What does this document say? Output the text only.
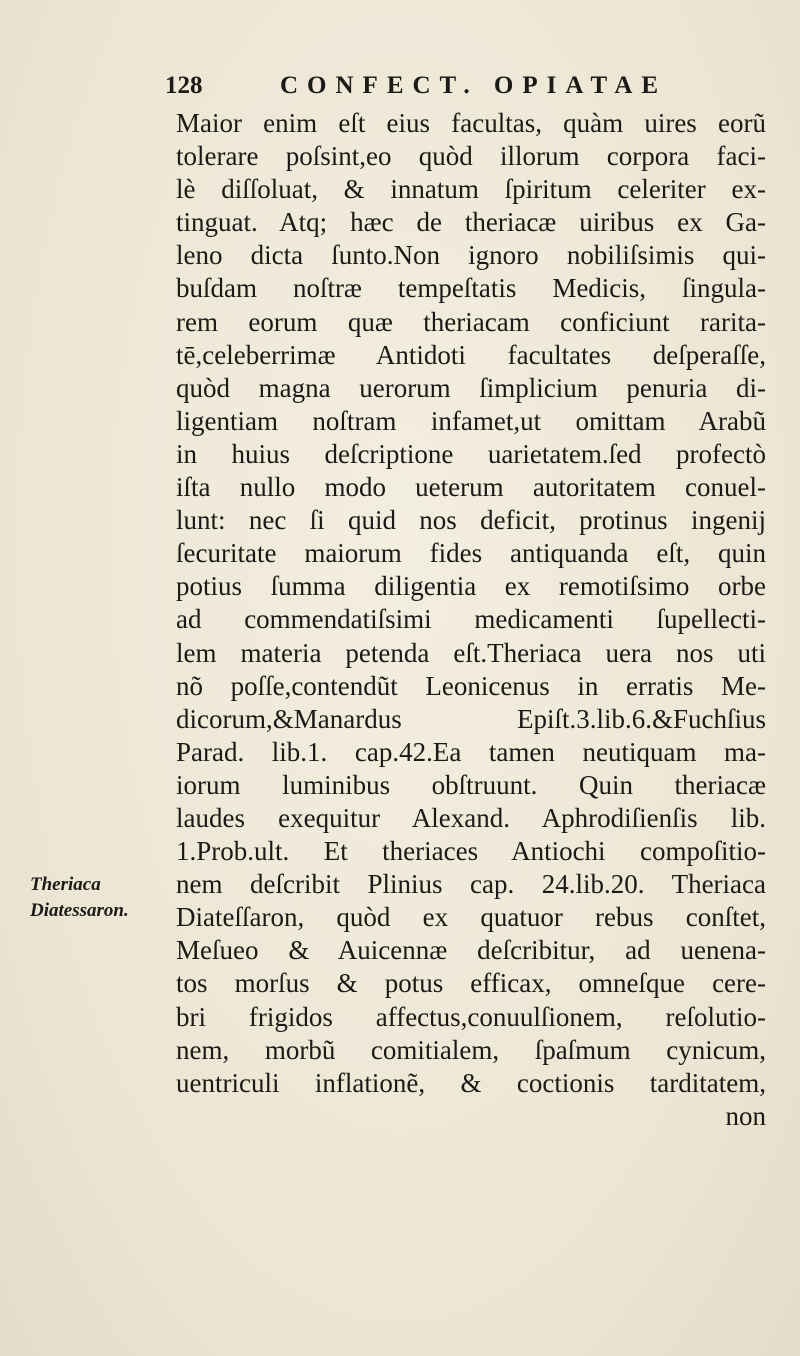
128	CONFECT. OPIATAE
Maior enim eſt eius facultas, quàm uires eorũ
tolerare poſsint,eo quòd illorum corpora faci-
lè diſſoluat, & innatum ſpiritum celeriter ex-
tinguat. Atq; hæc de theriacæ uiribus ex Ga-
leno dicta ſunto.Non ignoro nobiliſsimis qui-
buſdam noſtræ tempeſtatis Medicis, ſingula-
rem eorum quæ theriacam conficiunt rarita-
tē,celeberrimæ Antidoti facultates deſperaſſe,
quòd magna uerorum ſimplicium penuria di-
ligentiam noſtram infamet,ut omittam Arabũ
in huius deſcriptione uarietatem.ſed profectò
iſta nullo modo ueterum autoritatem conuel-
lunt: nec ſi quid nos deficit, protinus ingenij
ſecuritate maiorum fides antiquanda eſt, quin
potius ſumma diligentia ex remotiſsimo orbe
ad commendatiſsimi medicamenti ſupellecti-
lem materia petenda eſt.Theriaca uera nos uti
nõ poſſe,contendũt Leonicenus in erratis Me-
dicorum,&Manardus Epiſt.3.lib.6.&Fuchſius
Parad. lib.1. cap.42.Ea tamen neutiquam ma-
iorum luminibus obſtruunt. Quin theriacæ
laudes exequitur Alexand. Aphrodiſienſis lib.
1.Prob.ult. Et theriaces Antiochi compoſitio-
nem deſcribit Plinius cap. 24.lib.20. Theriaca
Diateſſaron, quòd ex quatuor rebus conſtet,
Meſueo & Auicennæ deſcribitur, ad uenena-
tos morſus & potus efficax, omneſque cere-
bri frigidos affectus,conuulſionem, reſolutio-
nem, morbũ comitialem, ſpaſmum cynicum,
uentriculi inflationẽ, & coctionis tarditatem,
non
Theriaca
Diatessaron.
